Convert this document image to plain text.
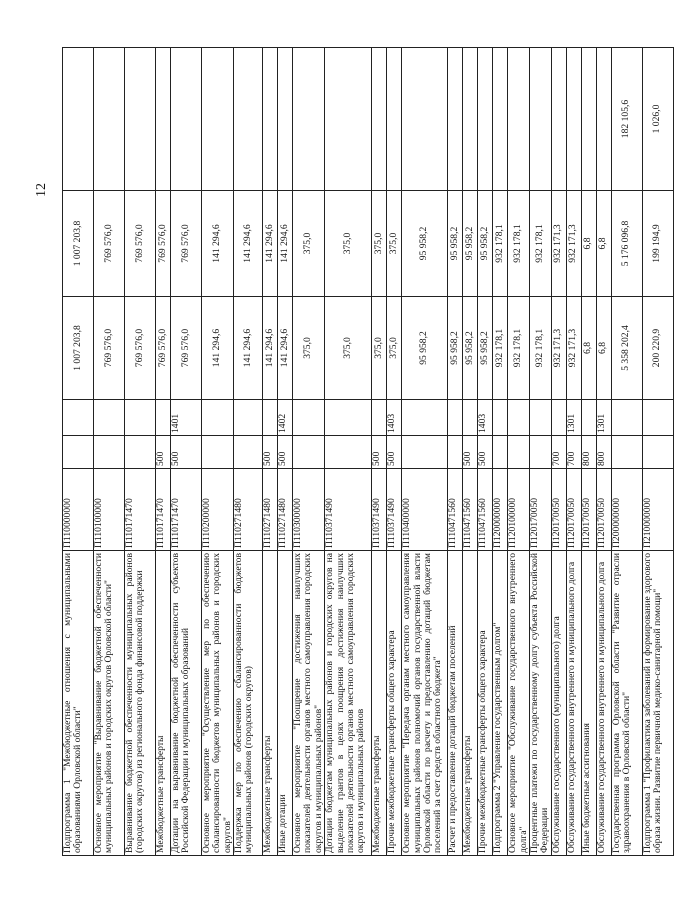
12
Подпрограмма 1 "Межбюджетные отношения с муниципальными образованиями Орловской области"	П110000000			1 007 203,8	1 007 203,8	
Основное мероприятие "Выравнивание бюджетной обеспеченности муниципальных районов и городских округов Орловской области"	П110100000			769 576,0	769 576,0	
Выравнивание бюджетной обеспеченности муниципальных районов (городских округов) из регионального фонда финансовой поддержки	П110171470			769 576,0	769 576,0	
Межбюджетные трансферты	П110171470	500		769 576,0	769 576,0	
Дотации на выравнивание бюджетной обеспеченности субъектов Российской Федерации и муниципальных образований	П110171470	500	1401	769 576,0	769 576,0	
Основное мероприятие "Осуществление мер по обеспечению сбалансированности бюджетов муниципальных районов и городских округов"	П110200000			141 294,6	141 294,6	
Поддержка мер по обеспечению сбалансированности бюджетов муниципальных районов (городских округов)	П110271480			141 294,6	141 294,6	
Межбюджетные трансферты	П110271480	500		141 294,6	141 294,6	
Иные дотации	П110271480	500	1402	141 294,6	141 294,6	
Основное мероприятие "Поощрение достижения наилучших показателей деятельности органов местного самоуправления городских округов и муниципальных районов"	П110300000			375,0	375,0	
Дотации бюджетам муниципальных районов и городских округов на выделение грантов в целях поощрения достижения наилучших показателей деятельности органов местного самоуправления городских округов и муниципальных районов	П110371490			375,0	375,0	
Межбюджетные трансферты	П110371490	500		375,0	375,0	
Прочие межбюджетные трансферты общего характера	П110371490	500	1403	375,0	375,0	
Основное мероприятие "Передача органам местного самоуправления муниципальных районов полномочий органов государственной власти Орловской области по расчету и предоставлению дотаций бюджетам поселений за счет средств областного бюджета"	П110400000			95 958,2	95 958,2	
Расчет и предоставление дотаций бюджетам поселений	П110471560			95 958,2	95 958,2	
Межбюджетные трансферты	П110471560	500		95 958,2	95 958,2	
Прочие межбюджетные трансферты общего характера	П110471560	500	1403	95 958,2	95 958,2	
Подпрограмма 2 "Управление государственным долгом"	П120000000			932 178,1	932 178,1	
Основное мероприятие "Обслуживание государственного внутреннего долга"	П120100000			932 178,1	932 178,1	
Процентные платежи по государственному долгу субъекта Российской Федерации	П120170050			932 178,1	932 178,1	
Обслуживание государственного (муниципального) долга	П120170050	700		932 171,3	932 171,3	
Обслуживание государственного внутреннего и муниципального долга	П120170050	700	1301	932 171,3	932 171,3	
Иные бюджетные ассигнования	П120170050	800		6,8	6,8	
Обслуживание государственного внутреннего и муниципального долга	П120170050	800	1301	6,8	6,8	
Государственная программа Орловской области "Развитие отрасли здравоохранения в Орловской области"	П200000000			5 358 202,4	5 176 096,8	182 105,6
Подпрограмма 1 "Профилактика заболеваний и формирование здорового образа жизни. Развитие первичной медико-санитарной помощи"	П210000000			200 220,9	199 194,9	1 026,0
